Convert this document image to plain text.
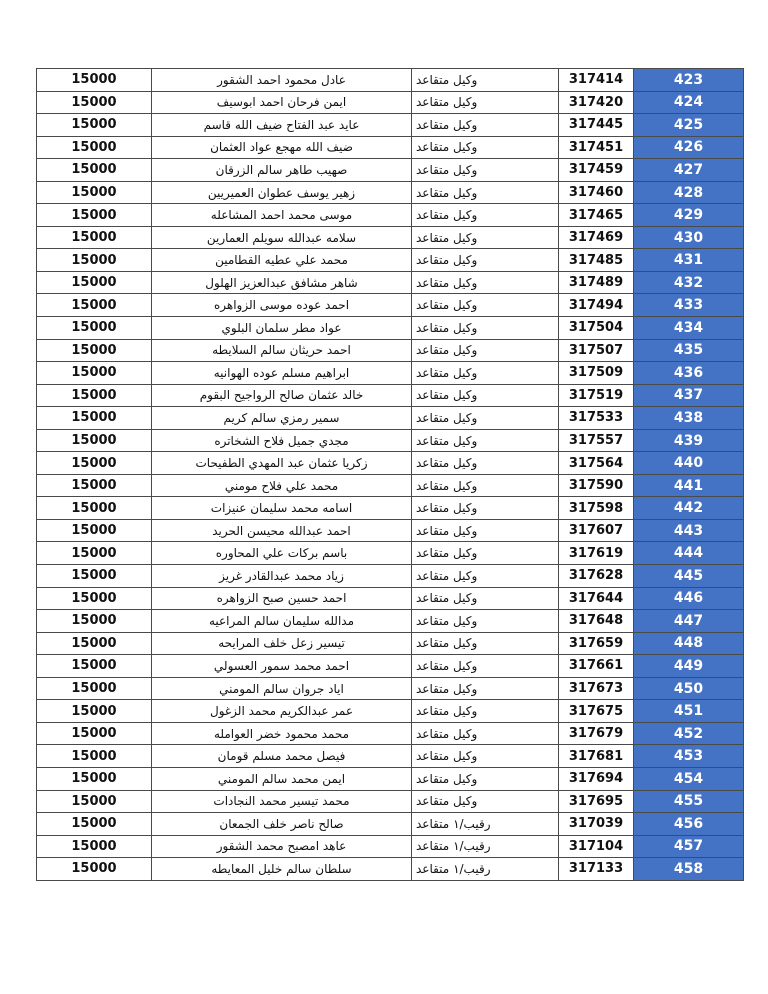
15000	عادل محمود احمد الشقور	وكيل متقاعد	317414	423
15000	ايمن فرحان احمد ابوسيف	وكيل متقاعد	317420	424
15000	عايد عبد الفتاح ضيف الله قاسم	وكيل متقاعد	317445	425
15000	ضيف الله مهجع عواد العثمان	وكيل متقاعد	317451	426
15000	صهيب طاهر سالم الزرقان	وكيل متقاعد	317459	427
15000	زهير يوسف عطوان العميريين	وكيل متقاعد	317460	428
15000	موسى محمد احمد المشاعله	وكيل متقاعد	317465	429
15000	سلامه عبدالله سويلم العمارين	وكيل متقاعد	317469	430
15000	محمد علي عطيه القطامين	وكيل متقاعد	317485	431
15000	شاهر مشافق عبدالعزيز الهلول	وكيل متقاعد	317489	432
15000	احمد عوده موسى الزواهره	وكيل متقاعد	317494	433
15000	عواد مطر سلمان البلوي	وكيل متقاعد	317504	434
15000	احمد حريثان سالم السلايطه	وكيل متقاعد	317507	435
15000	ابراهيم مسلم عوده الهوانيه	وكيل متقاعد	317509	436
15000	خالد عثمان صالح الرواجيح البقوم	وكيل متقاعد	317519	437
15000	سمير رمزي سالم كريم	وكيل متقاعد	317533	438
15000	مجدي جميل فلاح الشخاتره	وكيل متقاعد	317557	439
15000	زكريا عثمان عبد المهدي الطفيحات	وكيل متقاعد	317564	440
15000	محمد علي فلاح مومني	وكيل متقاعد	317590	441
15000	اسامه محمد سليمان عنيزات	وكيل متقاعد	317598	442
15000	احمد عبدالله محيسن الحريد	وكيل متقاعد	317607	443
15000	باسم بركات علي المحاوره	وكيل متقاعد	317619	444
15000	زياد محمد عبدالقادر غريز	وكيل متقاعد	317628	445
15000	احمد حسين صبح الزواهره	وكيل متقاعد	317644	446
15000	مدالله سليمان سالم المراعيه	وكيل متقاعد	317648	447
15000	تيسير زعل خلف المرايحه	وكيل متقاعد	317659	448
15000	احمد محمد سمور العسولي	وكيل متقاعد	317661	449
15000	اياد جروان سالم المومني	وكيل متقاعد	317673	450
15000	عمر عبدالكريم محمد الزغول	وكيل متقاعد	317675	451
15000	محمد محمود خضر العوامله	وكيل متقاعد	317679	452
15000	فيصل محمد مسلم قومان	وكيل متقاعد	317681	453
15000	ايمن محمد سالم المومني	وكيل متقاعد	317694	454
15000	محمد تيسير محمد النجادات	وكيل متقاعد	317695	455
15000	صالح ناصر خلف الجمعان	رقيب/١ متقاعد	317039	456
15000	عاهد امصبح محمد الشقور	رقيب/١ متقاعد	317104	457
15000	سلطان سالم خليل المعايطه	رقيب/١ متقاعد	317133	458
